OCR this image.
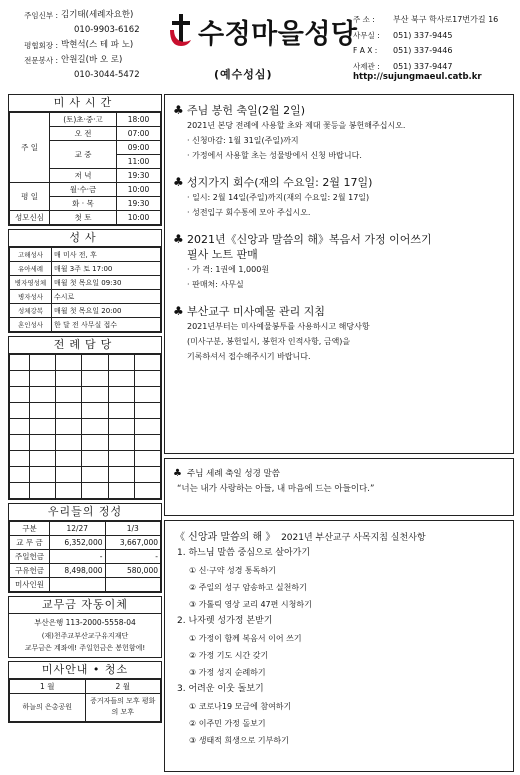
주임신부 : 김기태(세례자요한)
010-9903-6162
평협회장 : 박현석(스 테 파 노)
전문봉사 : 안원길(바 오 로)
010-3044-5472
수정마을성당
(예수성심)
주 소 :	부산 북구 학사로17번가길 16
사무실 :	051) 337-9445
F A X :	051) 337-9446
사제관 :	051) 337-9447
http://sujungmaeul.catb.kr
미사시간
주 일	(토)초·중·고	18:00
	오 전	07:00
	교 중	09:00
		11:00
	저 녁	19:30
평 일	월·수·금	10:00
	화 · 목	19:30
성모신심	첫 토	10:00
성사
고해성사	매 미사 전, 후
유아세례	매월 3주 토 17:00
병자영성체	매월 첫 목요일 09:30
병자성사	수시로
성체강복	매월 첫 목요일 20:00
혼인성사	한 달 전 사무실 접수
전례담당

우리들의 정성
구분	12/27	1/3
교 무 금	6,352,000	3,667,000
주일헌금	-	-
구유헌금	8,498,000	580,000
미사인원		
교무금 자동이체
부산은행 113-2000-5558-04
(재)천주교부산교구유지재단
교무금은 계좌에! 주일헌금은 봉헌함에!
미사안내 • 청소
1 월	2 월
하늘의 은총공원	증거자들의 모후 평화의 모후
♣ 주님 봉헌 축일(2월 2일)
2021년 본당 전례에 사용할 초와 제대 꽃등을 봉헌해주십시오.
· 신청마감: 1월 31일(주일)까지
· 가정에서 사용할 초는 성물방에서 신청 바랍니다.
♣ 성지가지 회수(재의 수요일: 2월 17일)
· 일시: 2월 14일(주일)까지(재의 수요일: 2월 17일)
· 성전입구 회수통에 모아 주십시오.
♣ 2021년《신앙과 말씀의 해》복음서 가정 이어쓰기
필사 노트 판매
· 가 격: 1권에 1,000원
· 판매처: 사무실
♣ 부산교구 미사예물 관리 지침
2021년부터는 미사예물봉투를 사용하시고 해당사항
(미사구분, 봉헌일시, 봉헌자 인적사항, 금액)을
기록하셔서 접수해주시기 바랍니다.
♣ 주님 세례 축일 성경 말씀
“너는 내가 사랑하는 아들, 내 마음에 드는 아들이다.”
《 신앙과 말씀의 해 》 2021년 부산교구 사목지침 실천사항
1. 하느님 말씀 중심으로 살아가기
① 신·구약 성경 통독하기
② 주일의 성구 암송하고 실천하기
③ 가톨릭 영상 교리 47편 시청하기
2. 나자렛 성가정 본받기
① 가정이 함께 복음서 이어 쓰기
② 가정 기도 시간 갖기
③ 가정 성지 순례하기
3. 어려운 이웃 돌보기
① 코로나19 모금에 참여하기
② 이주민 가정 돌보기
③ 생태적 희생으로 기부하기
